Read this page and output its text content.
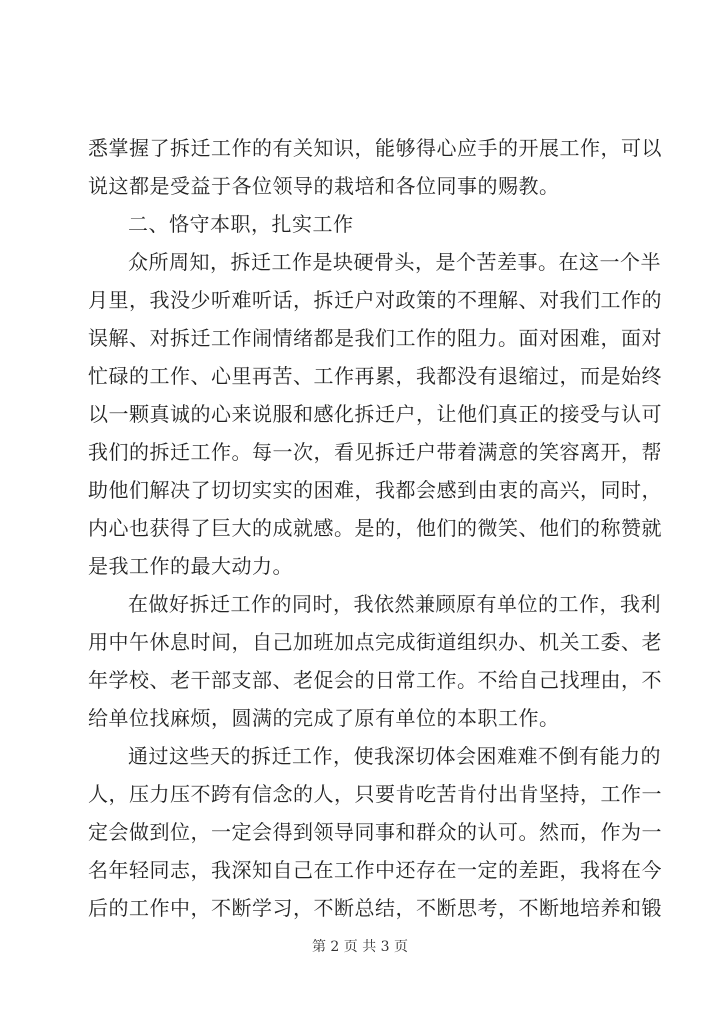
悉掌握了拆迁工作的有关知识，能够得心应手的开展工作，可以
说这都是受益于各位领导的栽培和各位同事的赐教。
二、恪守本职，扎实工作
众所周知，拆迁工作是块硬骨头，是个苦差事。在这一个半
月里，我没少听难听话，拆迁户对政策的不理解、对我们工作的
误解、对拆迁工作闹情绪都是我们工作的阻力。面对困难，面对
忙碌的工作、心里再苦、工作再累，我都没有退缩过，而是始终
以一颗真诚的心来说服和感化拆迁户，让他们真正的接受与认可
我们的拆迁工作。每一次，看见拆迁户带着满意的笑容离开，帮
助他们解决了切切实实的困难，我都会感到由衷的高兴，同时，
内心也获得了巨大的成就感。是的，他们的微笑、他们的称赞就
是我工作的最大动力。
在做好拆迁工作的同时，我依然兼顾原有单位的工作，我利
用中午休息时间，自己加班加点完成街道组织办、机关工委、老
年学校、老干部支部、老促会的日常工作。不给自己找理由，不
给单位找麻烦，圆满的完成了原有单位的本职工作。
通过这些天的拆迁工作，使我深切体会困难难不倒有能力的
人，压力压不跨有信念的人，只要肯吃苦肯付出肯坚持，工作一
定会做到位，一定会得到领导同事和群众的认可。然而，作为一
名年轻同志，我深知自己在工作中还存在一定的差距，我将在今
后的工作中，不断学习，不断总结，不断思考，不断地培养和锻
第 2 页 共 3 页
